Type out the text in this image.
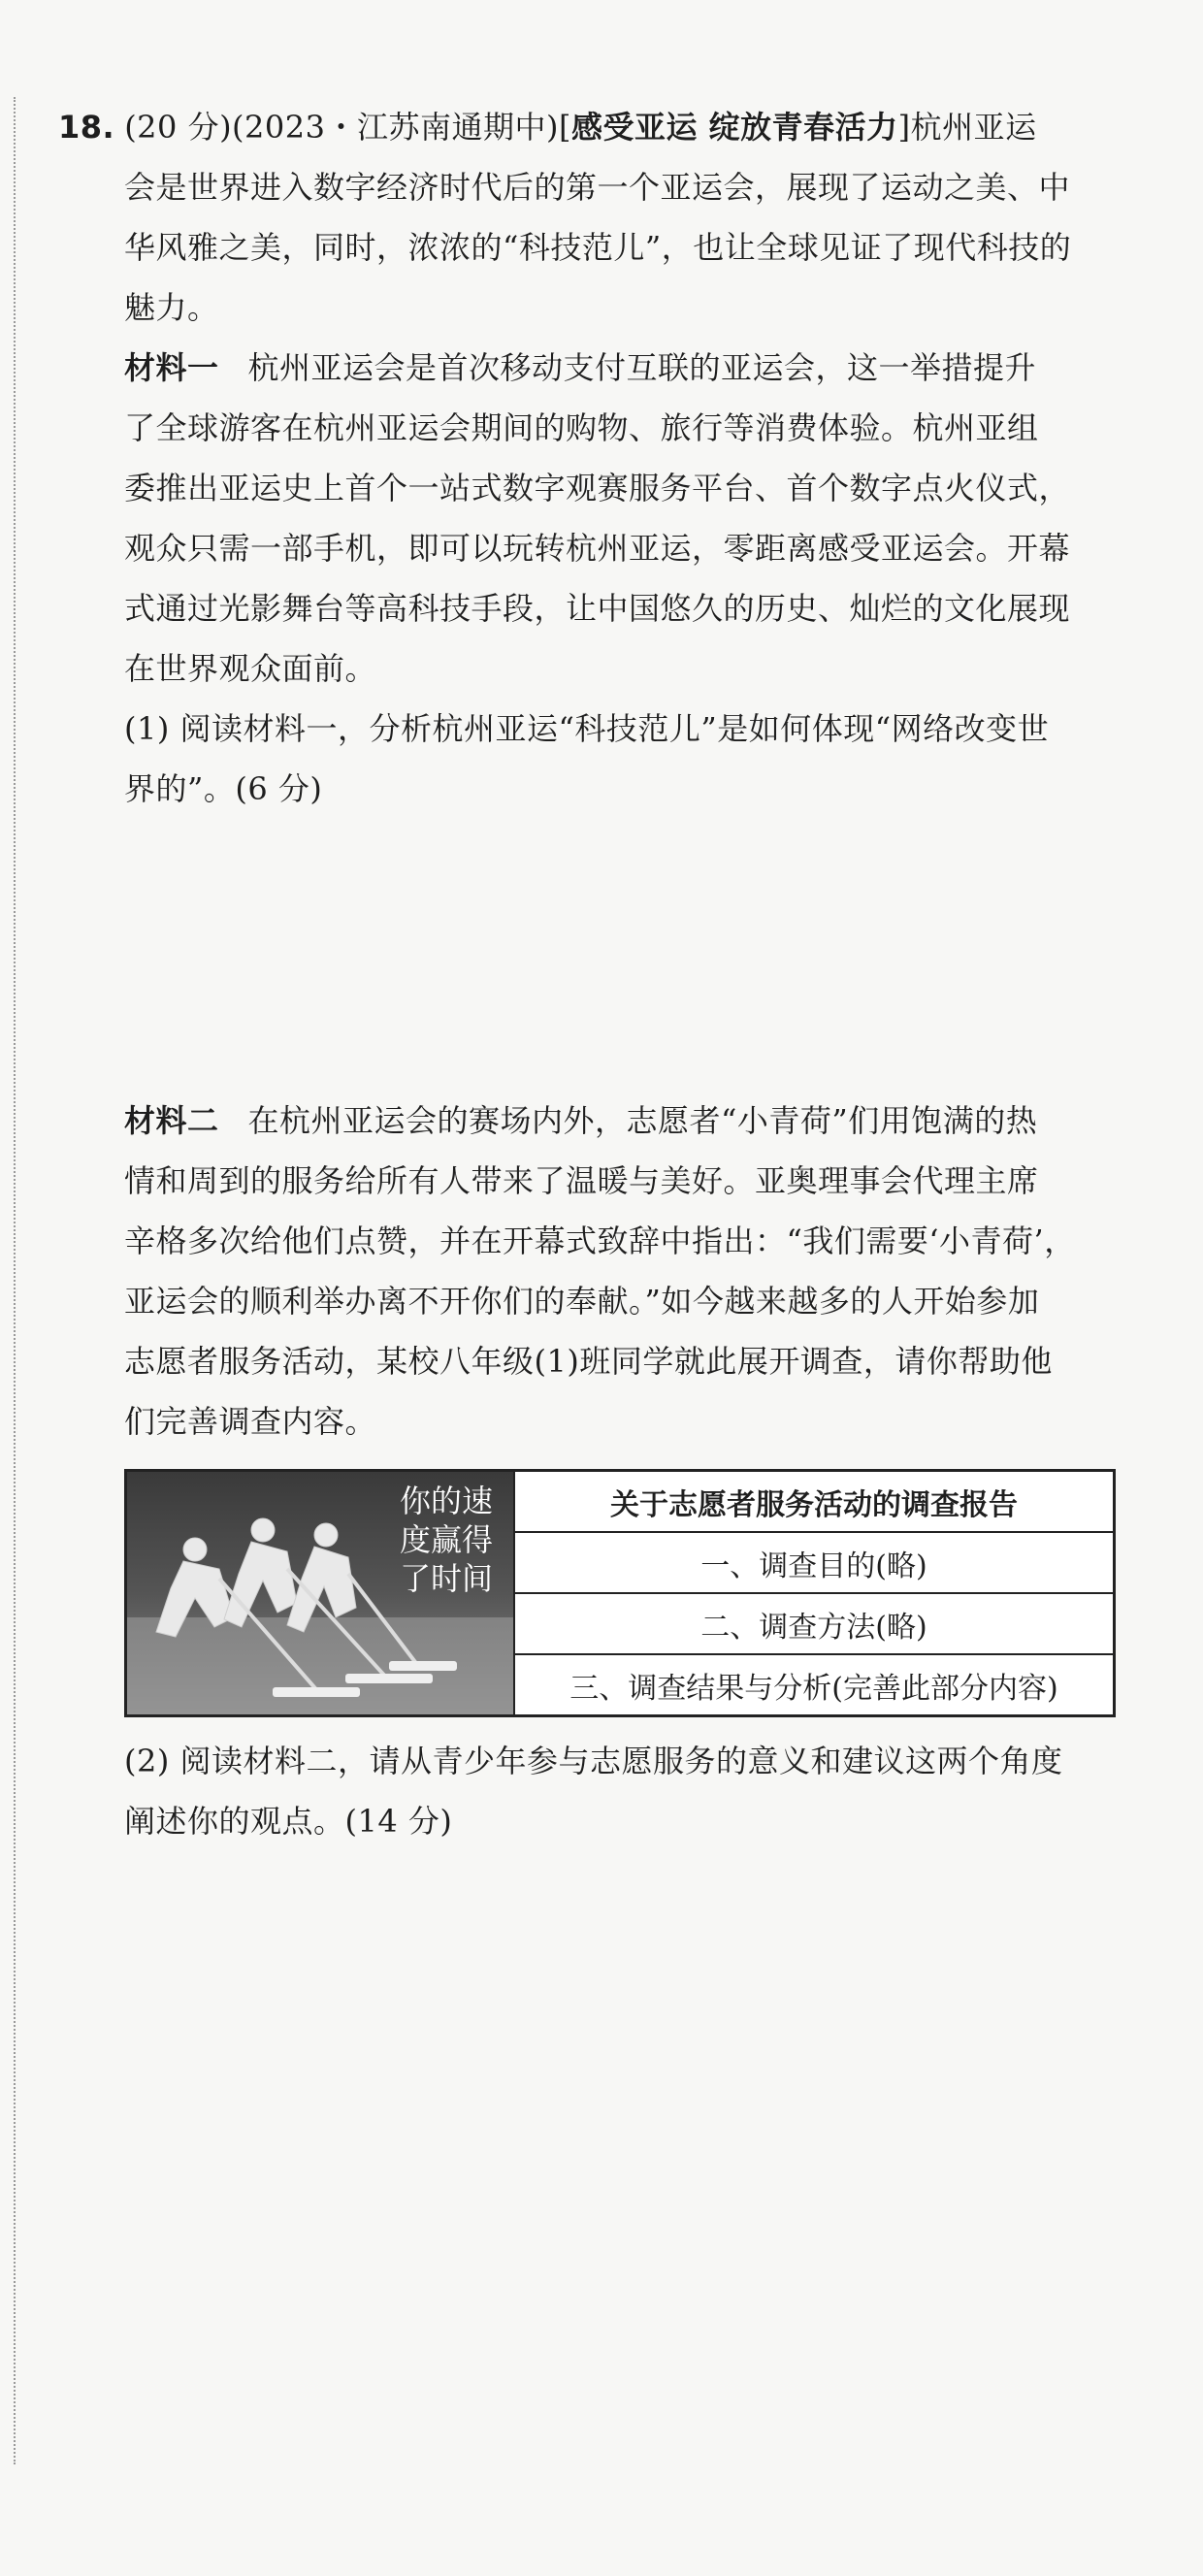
18. (20 分)(2023・江苏南通期中)[感受亚运 绽放青春活力]杭州亚运
会是世界进入数字经济时代后的第一个亚运会，展现了运动之美、中
华风雅之美，同时，浓浓的“科技范儿”，也让全球见证了现代科技的
魅力。
材料一 杭州亚运会是首次移动支付互联的亚运会，这一举措提升
了全球游客在杭州亚运会期间的购物、旅行等消费体验。杭州亚组
委推出亚运史上首个一站式数字观赛服务平台、首个数字点火仪式，
观众只需一部手机，即可以玩转杭州亚运，零距离感受亚运会。开幕
式通过光影舞台等高科技手段，让中国悠久的历史、灿烂的文化展现
在世界观众面前。
(1) 阅读材料一，分析杭州亚运“科技范儿”是如何体现“网络改变世
界的”。(6 分)
材料二 在杭州亚运会的赛场内外，志愿者“小青荷”们用饱满的热
情和周到的服务给所有人带来了温暖与美好。亚奥理事会代理主席
辛格多次给他们点赞，并在开幕式致辞中指出：“我们需要‘小青荷’，
亚运会的顺利举办离不开你们的奉献。”如今越来越多的人开始参加
志愿者服务活动，某校八年级(1)班同学就此展开调查，请你帮助他
们完善调查内容。
你的速
度赢得
了时间
关于志愿者服务活动的调查报告
一、调查目的(略)
二、调查方法(略)
三、调查结果与分析(完善此部分内容)
(2) 阅读材料二，请从青少年参与志愿服务的意义和建议这两个角度
阐述你的观点。(14 分)
